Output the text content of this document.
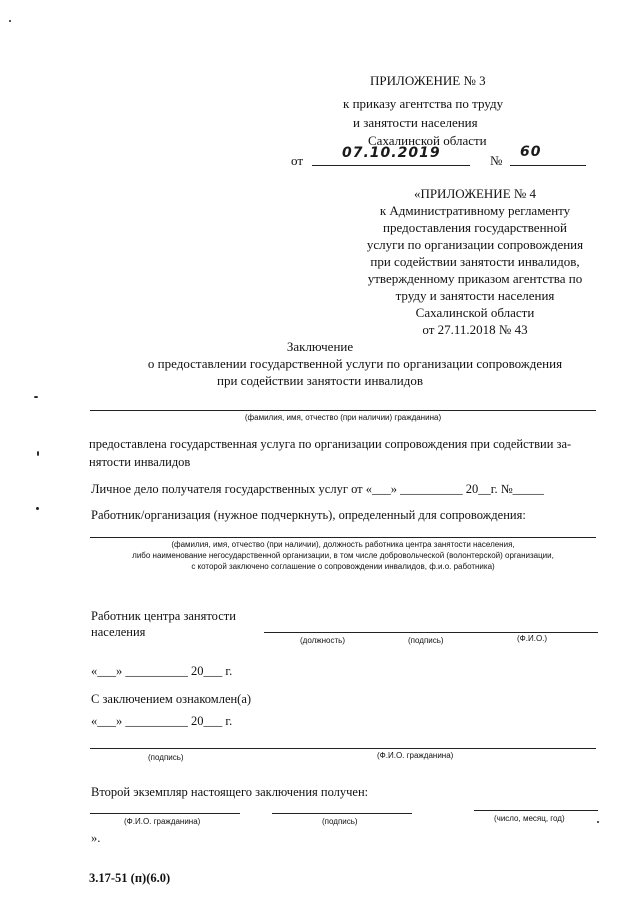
ПРИЛОЖЕНИЕ № 3
к приказу агентства по труду
и занятости населения
Сахалинской области
от	07.10.2019	№
60
«ПРИЛОЖЕНИЕ № 4
к Административному регламенту
предоставления государственной
услуги по организации сопровождения
при содействии занятости инвалидов,
утвержденному приказом агентства по
труду и занятости населения
Сахалинской области
от 27.11.2018 № 43
Заключение
о предоставлении государственной услуги по организации сопровождения
при содействии занятости инвалидов
(фамилия, имя, отчество (при наличии) гражданина)
предоставлена государственная услуга по организации сопровождения при содействии за-
нятости инвалидов
Личное дело получателя государственных услуг от «___» __________ 20__г. №_____
Работник/организация (нужное подчеркнуть), определенный для сопровождения:
(фамилия, имя, отчество (при наличии), должность работника центра занятости населения,
либо наименование негосударственной организации, в том числе добровольческой (волонтерской) организации,
с которой заключено соглашение о сопровождении инвалидов, ф.и.о. работника)
Работник центра занятости
населения
(должность)	(подпись)	(Ф.И.О.)
«___» __________ 20___ г.
С заключением ознакомлен(а)
«___» __________ 20___ г.
(подпись)	(Ф.И.О. гражданина)
Второй экземпляр настоящего заключения получен:
(Ф.И.О. гражданина)	(подпись)	(число, месяц, год)
».
3.17-51 (п)(6.0)
